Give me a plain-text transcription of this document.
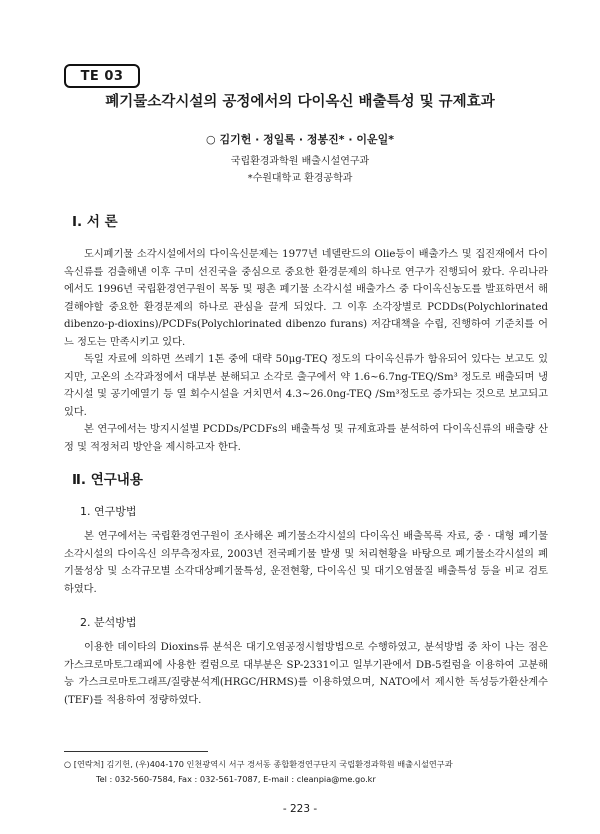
TE 03
폐기물소각시설의 공정에서의 다이옥신 배출특성 및 규제효과
○ 김기헌 · 정일록 · 정봉진* · 이운일*
국립환경과학원 배출시설연구과
*수원대학교 환경공학과
Ⅰ. 서 론
도시폐기물 소각시설에서의 다이옥신문제는 1977년 네델란드의 Olie등이 배출가스 및 집진재에서 다이옥신류를 검출해낸 이후 구미 선진국을 중심으로 중요한 환경문제의 하나로 연구가 진행되어 왔다. 우리나라에서도 1996년 국립환경연구원이 목동 및 평촌 폐기물 소각시설 배출가스 중 다이옥신농도를 발표하면서 해결해야할 중요한 환경문제의 하나로 관심을 끌게 되었다. 그 이후 소각장별로 PCDDs(Polychlorinated dibenzo-p-dioxins)/PCDFs(Polychlorinated dibenzo furans) 저감대책을 수립, 진행하여 기준치를 어느 정도는 만족시키고 있다.
독일 자료에 의하면 쓰레기 1톤 중에 대략 50μg-TEQ 정도의 다이옥신류가 함유되어 있다는 보고도 있지만, 고온의 소각과정에서 대부분 분해되고 소각로 출구에서 약 1.6~6.7ng-TEQ/Sm³ 정도로 배출되며 냉각시설 및 공기예열기 등 열 회수시설을 거치면서 4.3~26.0ng-TEQ /Sm³정도로 증가되는 것으로 보고되고 있다.
본 연구에서는 방지시설별 PCDDs/PCDFs의 배출특성 및 규제효과를 분석하여 다이옥신류의 배출량 산정 및 적정처리 방안을 제시하고자 한다.
Ⅱ. 연구내용
1. 연구방법
본 연구에서는 국립환경연구원이 조사해온 폐기물소각시설의 다이옥신 배출목록 자료, 중 · 대형 폐기물소각시설의 다이옥신 의무측정자료, 2003년 전국폐기물 발생 및 처리현황을 바탕으로 폐기물소각시설의 폐기물성상 및 소각규모별 소각대상폐기물특성, 운전현황, 다이옥신 및 대기오염물질 배출특성 등을 비교 검토하였다.
2. 분석방법
이용한 데이타의 Dioxins류 분석은 대기오염공정시험방법으로 수행하였고, 분석방법 중 차이 나는 점은 가스크로마토그래피에 사용한 컬럼으로 대부분은 SP-2331이고 일부기관에서 DB-5컬럼을 이용하여 고분해능 가스크로마토그래프/질량분석계(HRGC/HRMS)를 이용하였으며, NATO에서 제시한 독성등가환산계수(TEF)를 적용하여 정량하였다.
○ [연락처] 김기헌, (우)404-170 인천광역시 서구 경서동 종합환경연구단지 국립환경과학원 배출시설연구과
Tel : 032-560-7584, Fax : 032-561-7087, E-mail : cleanpia@me.go.kr
- 223 -
